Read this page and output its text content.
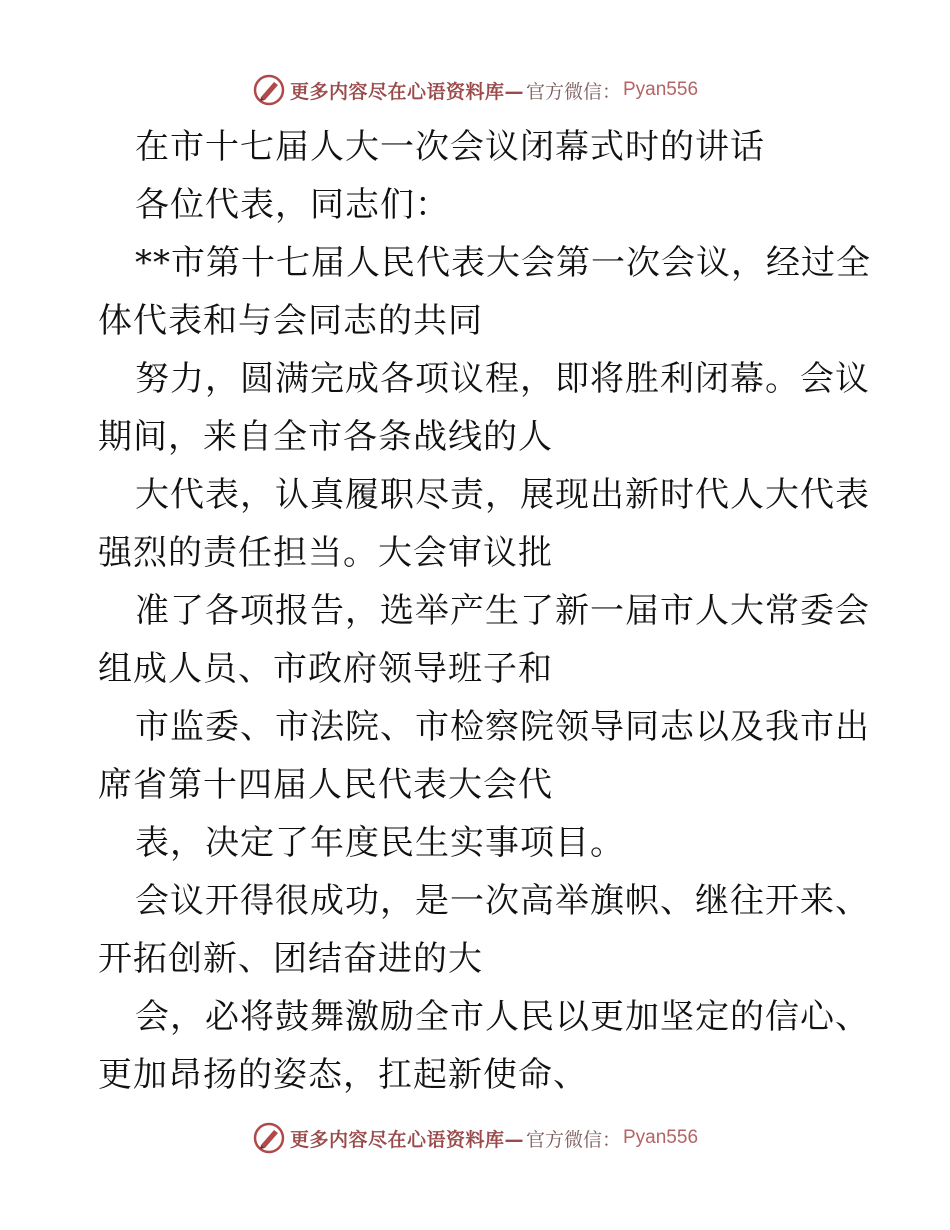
更多内容尽在心语资料库— 官方微信： Pyan556
在市十七届人大一次会议闭幕式时的讲话
各位代表，同志们：
**市第十七届人民代表大会第一次会议，经过全
体代表和与会同志的共同
努力，圆满完成各项议程，即将胜利闭幕。会议
期间，来自全市各条战线的人
大代表，认真履职尽责，展现出新时代人大代表
强烈的责任担当。大会审议批
准了各项报告，选举产生了新一届市人大常委会
组成人员、市政府领导班子和
市监委、市法院、市检察院领导同志以及我市出
席省第十四届人民代表大会代
表，决定了年度民生实事项目。
会议开得很成功，是一次高举旗帜、继往开来、
开拓创新、团结奋进的大
会，必将鼓舞激励全市人民以更加坚定的信心、
更加昂扬的姿态，扛起新使命、
更多内容尽在心语资料库— 官方微信： Pyan556
